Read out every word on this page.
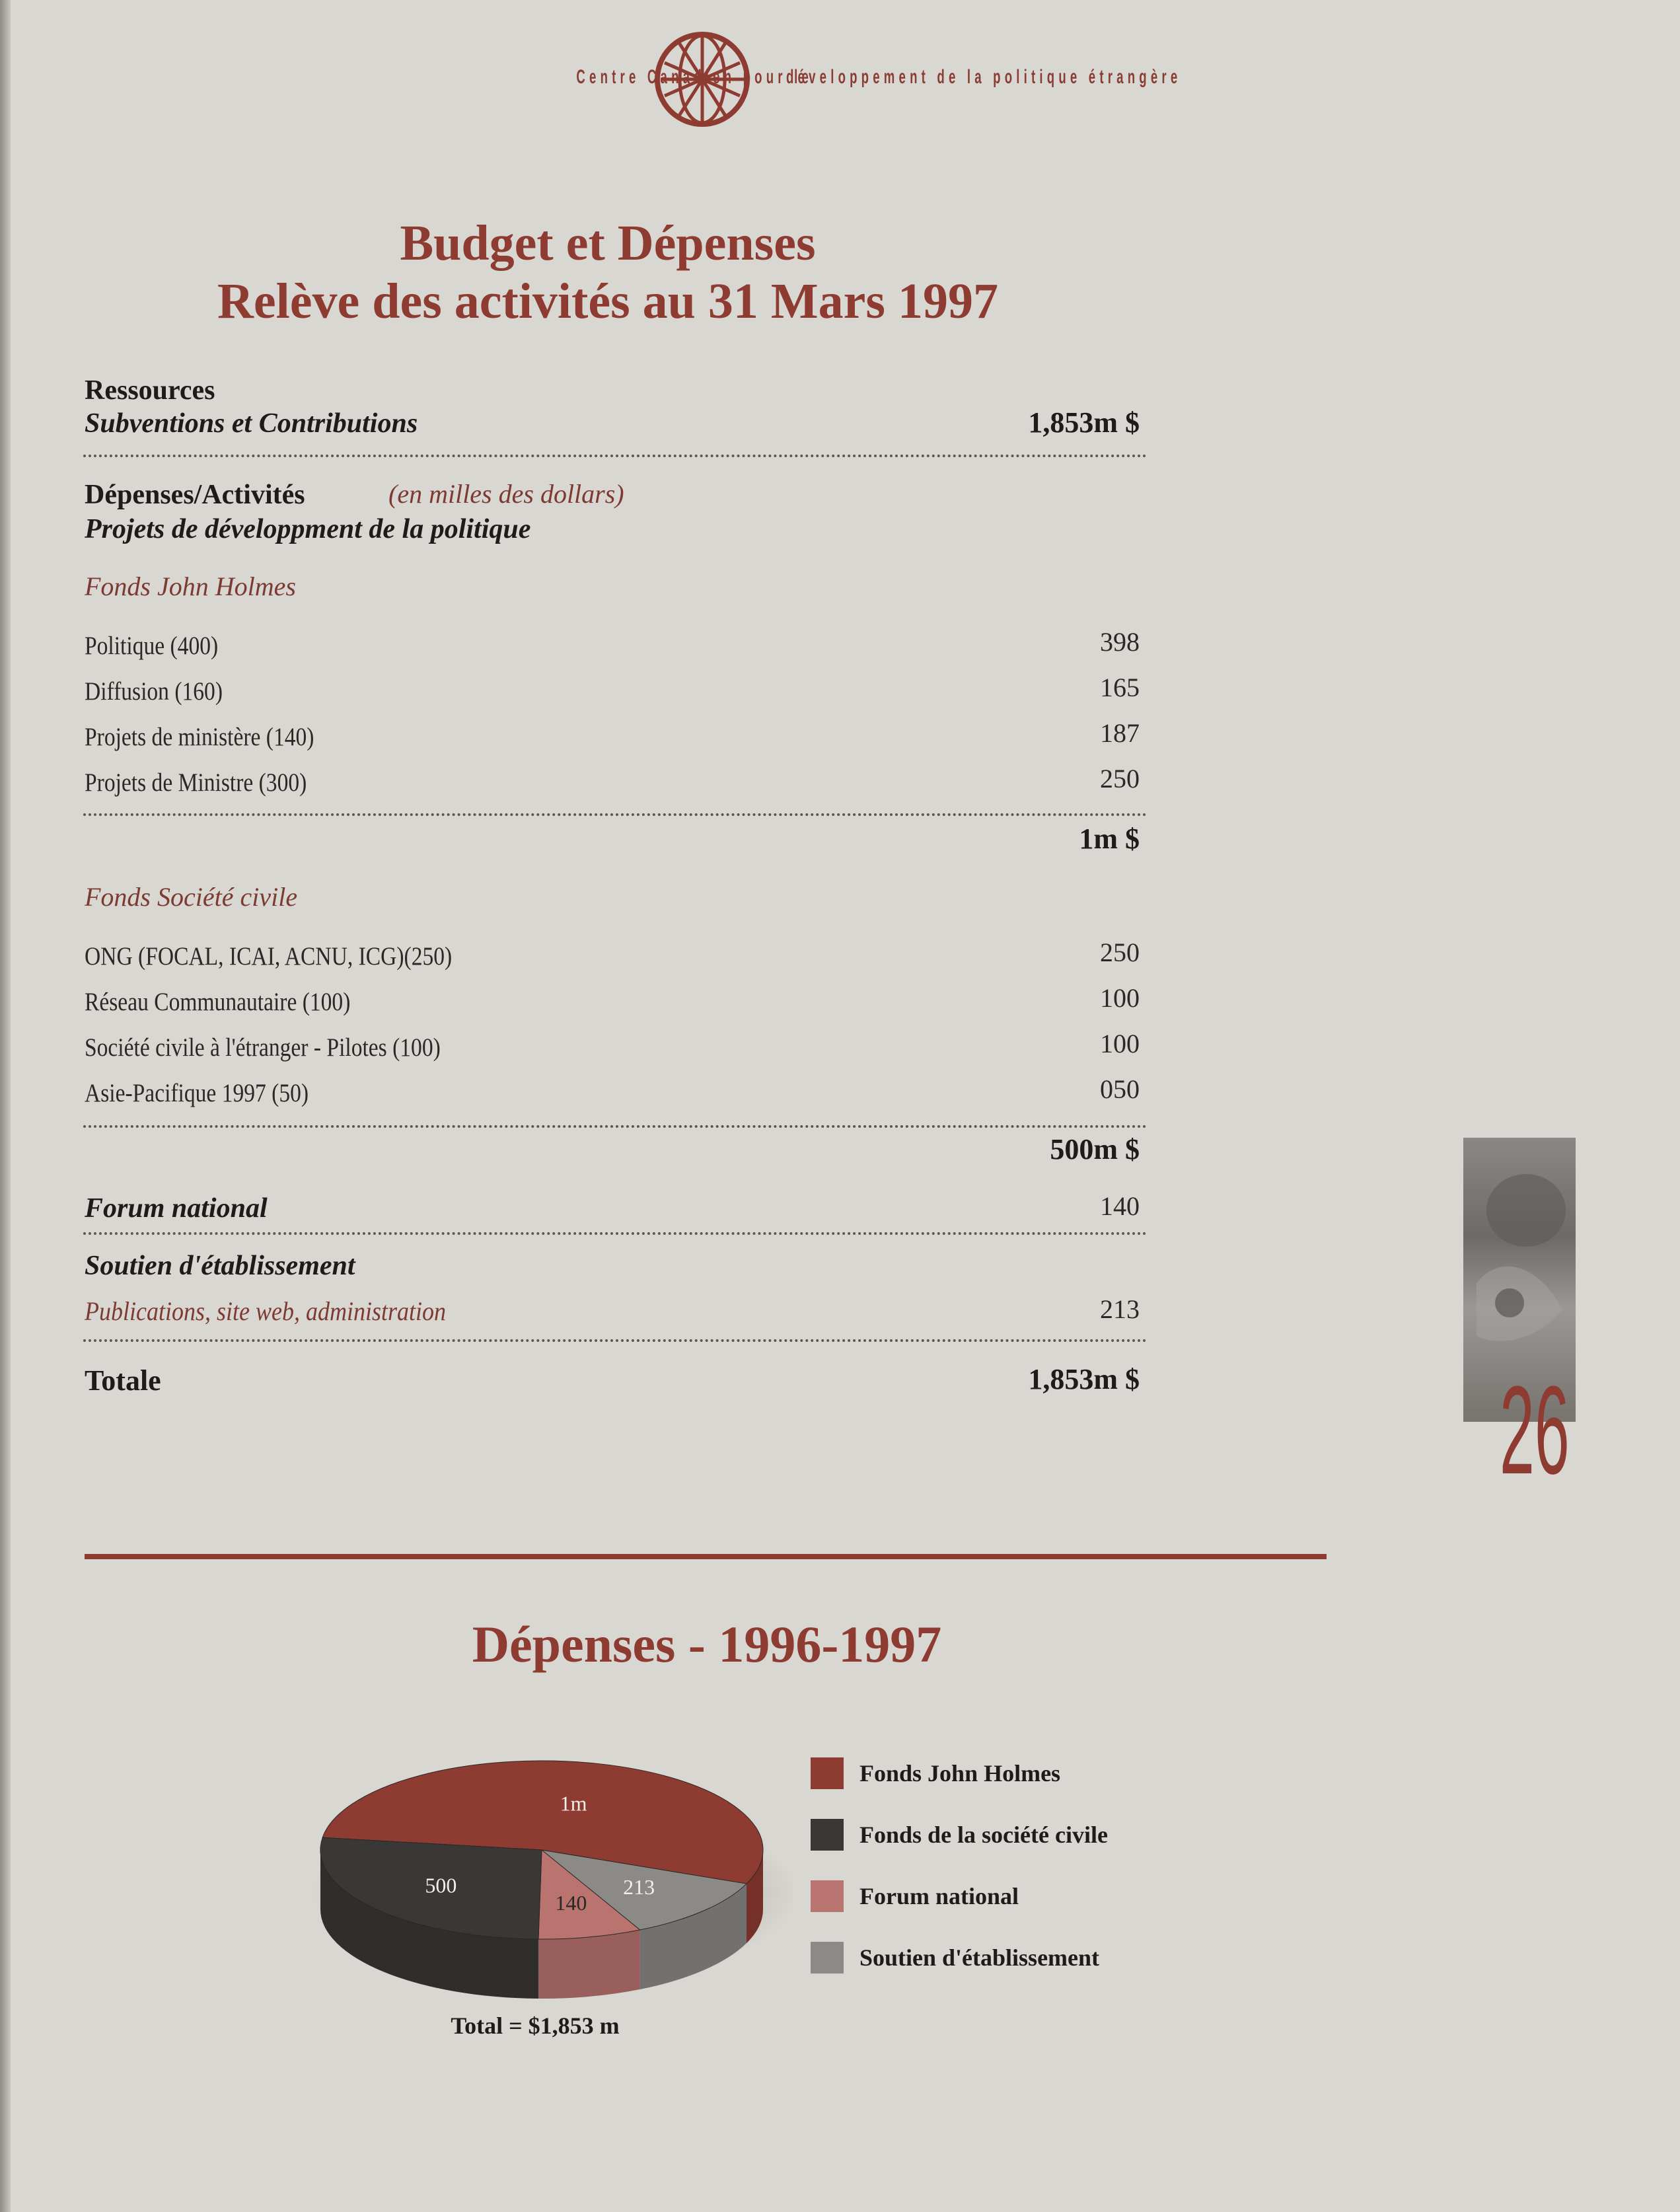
Centre Canadien pour le
développement de la politique étrangère
Budget et Dépenses
Relève des activités au 31 Mars 1997
Ressources
Subventions et Contributions	1,853m $
Dépenses/Activités	(en milles des dollars)
Projets de développment de la politique
Fonds John Holmes
Politique (400)	398
Diffusion (160)	165
Projets de ministère (140)	187
Projets de Ministre (300)	250
1m $
Fonds Société civile
ONG (FOCAL, ICAI, ACNU, ICG)(250)	250
Réseau Communautaire (100)	100
Société civile à l'étranger - Pilotes (100)	100
Asie-Pacifique 1997 (50)	050
500m $
Forum national	140
Soutien d'établissement
Publications, site web, administration	213
Totale	1,853m $	26
Dépenses - 1996-1997
1m
213
140
500
Total = $1,853 m
Fonds John Holmes
Fonds de la société civile
Forum national
Soutien d'établissement
